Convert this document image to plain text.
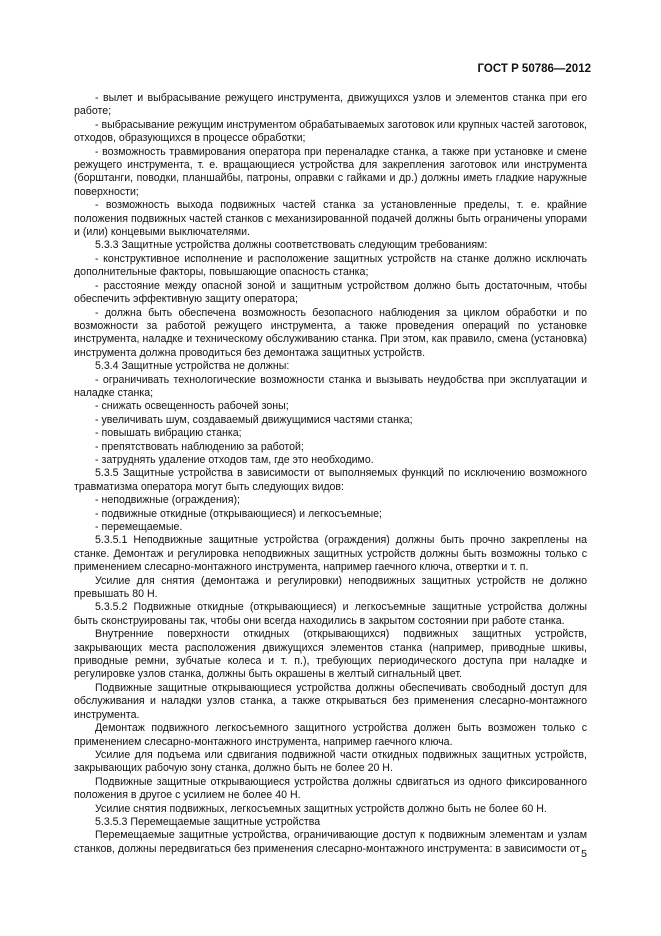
ГОСТ Р 50786—2012

- вылет и выбрасывание режущего инструмента, движущихся узлов и элементов станка при его работе;

- выбрасывание режущим инструментом обрабатываемых заготовок или крупных частей заготовок, отходов, образующихся в процессе обработки;

- возможность травмирования оператора при переналадке станка, а также при установке и смене режущего инструмента, т. е. вращающиеся устройства для закрепления заготовок или инструмента (борштанги, поводки, планшайбы, патроны, оправки с гайками и др.) должны иметь гладкие наружные поверхности;

- возможность выхода подвижных частей станка за установленные пределы, т. е. крайние положения подвижных частей станков с механизированной подачей должны быть ограничены упорами и (или) концевыми выключателями.

5.3.3 Защитные устройства должны соответствовать следующим требованиям:

- конструктивное исполнение и расположение защитных устройств на станке должно исключать дополнительные факторы, повышающие опасность станка;

- расстояние между опасной зоной и защитным устройством должно быть достаточным, чтобы обеспечить эффективную защиту оператора;

- должна быть обеспечена возможность безопасного наблюдения за циклом обработки и по возможности за работой режущего инструмента, а также проведения операций по установке инструмента, наладке и техническому обслуживанию станка. При этом, как правило, смена (установка) инструмента должна проводиться без демонтажа защитных устройств.

5.3.4 Защитные устройства не должны:

- ограничивать технологические возможности станка и вызывать неудобства при эксплуатации и наладке станка;

- снижать освещенность рабочей зоны;

- увеличивать шум, создаваемый движущимися частями станка;

- повышать вибрацию станка;

- препятствовать наблюдению за работой;

- затруднять удаление отходов там, где это необходимо.

5.3.5 Защитные устройства в зависимости от выполняемых функций по исключению возможного травматизма оператора могут быть следующих видов:

- неподвижные (ограждения);

- подвижные откидные (открывающиеся) и легкосъемные;

- перемещаемые.

5.3.5.1 Неподвижные защитные устройства (ограждения) должны быть прочно закреплены на станке. Демонтаж и регулировка неподвижных защитных устройств должны быть возможны только с применением слесарно-монтажного инструмента, например гаечного ключа, отвертки и т. п.

Усилие для снятия (демонтажа и регулировки) неподвижных защитных устройств не должно превышать 80 Н.

5.3.5.2 Подвижные откидные (открывающиеся) и легкосъемные защитные устройства должны быть сконструированы так, чтобы они всегда находились в закрытом состоянии при работе станка.

Внутренние поверхности откидных (открывающихся) подвижных защитных устройств, закрывающих места расположения движущихся элементов станка (например, приводные шкивы, приводные ремни, зубчатые колеса и т. п.), требующих периодического доступа при наладке и регулировке узлов станка, должны быть окрашены в желтый сигнальный цвет.

Подвижные защитные открывающиеся устройства должны обеспечивать свободный доступ для обслуживания и наладки узлов станка, а также открываться без применения слесарно-монтажного инструмента.

Демонтаж подвижного легкосъемного защитного устройства должен быть возможен только с применением слесарно-монтажного инструмента, например гаечного ключа.

Усилие для подъема или сдвигания подвижной части откидных подвижных защитных устройств, закрывающих рабочую зону станка, должно быть не более 20 Н.

Подвижные защитные открывающиеся устройства должны сдвигаться из одного фиксированного положения в другое с усилием не более 40 Н.

Усилие снятия подвижных, легкосъемных защитных устройств должно быть не более 60 Н.

5.3.5.3 Перемещаемые защитные устройства

Перемещаемые защитные устройства, ограничивающие доступ к подвижным элементам и узлам станков, должны передвигаться без применения слесарно-монтажного инструмента: в зависимости от 5
